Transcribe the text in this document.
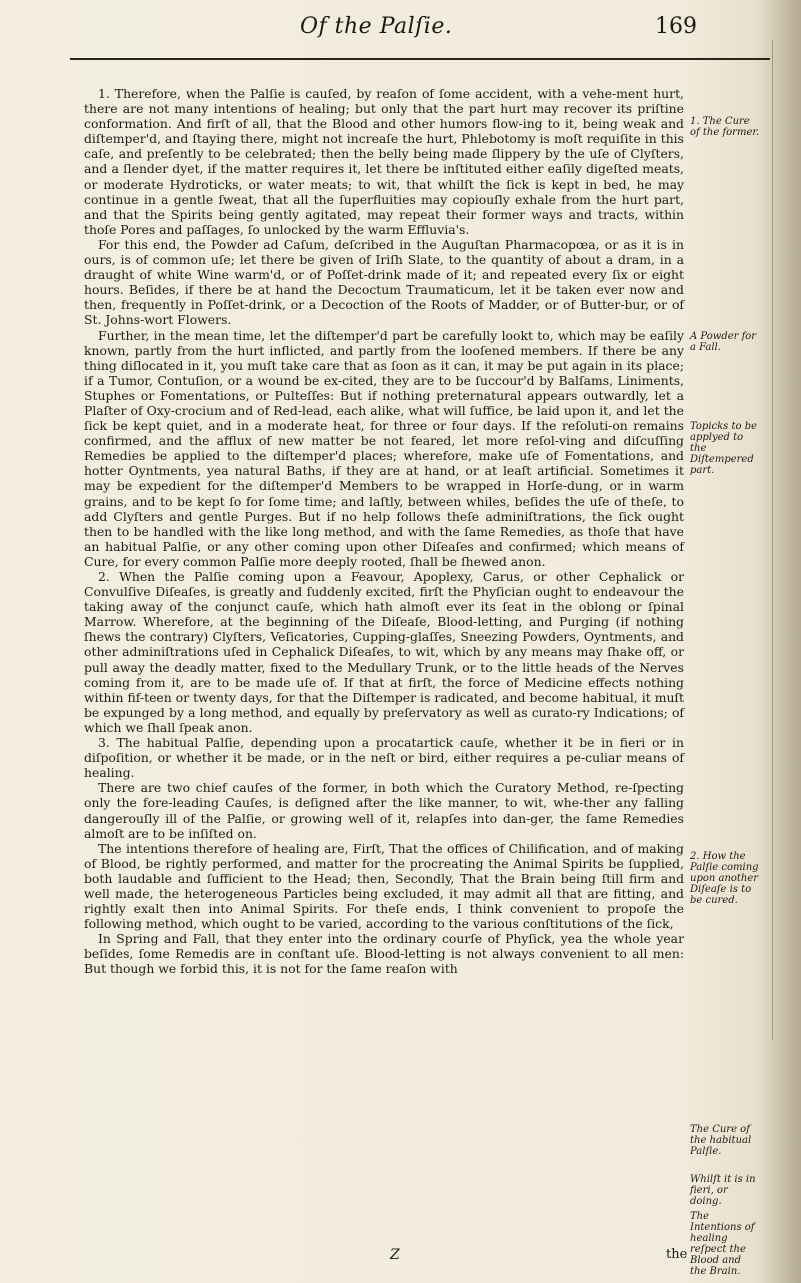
Of the Palſie.	169

1. Therefore, when the Palſie is cauſed, by reaſon of ſome accident, with a vehe-ment hurt, there are not many intentions of healing; but only that the part hurt may recover its priſtine conformation. And firſt of all, that the Blood and other humors flow-ing to it, being weak and diſtemper'd, and ſtaying there, might not increaſe the hurt, Phlebotomy is moſt requiſite in this caſe, and preſently to be celebrated; then the belly being made ſlippery by the uſe of Clyſters, and a ſlender dyet, if the matter requires it, let there be inſtituted either eaſily digeſted meats, or moderate Hydroticks, or water meats; to wit, that whilſt the ſick is kept in bed, he may continue in a gentle ſweat, that all the ſuperfluities may copiouſly exhale from the hurt part, and that the Spirits being gently agitated, may repeat their former ways and tracts, within thoſe Pores and paſſages, ſo unlocked by the warm Effluvia's.

For this end, the Powder ad Caſum, deſcribed in the Auguſtan Pharmacopœa, or as it is in ours, is of common uſe; let there be given of Iriſh Slate, to the quantity of about a dram, in a draught of white Wine warm'd, or of Poſſet-drink made of it; and repeated every ſix or eight hours. Beſides, if there be at hand the Decoctum Traumaticum, let it be taken ever now and then, frequently in Poſſet-drink, or a Decoction of the Roots of Madder, or of Butter-bur, or of St. Johns-wort Flowers.

Further, in the mean time, let the diſtemper'd part be carefully lookt to, which may be eaſily known, partly from the hurt inflicted, and partly from the looſened members. If there be any thing diſlocated in it, you muſt take care that as ſoon as it can, it may be put again in its place; if a Tumor, Contuſion, or a wound be ex-cited, they are to be ſuccour'd by Balſams, Liniments, Stuphes or Fomentations, or Pulteſſes: But if nothing preternatural appears outwardly, let a Plaſter of Oxy-crocium and of Red-lead, each alike, what will ſuffice, be laid upon it, and let the ſick be kept quiet, and in a moderate heat, for three or four days. If the reſoluti-on remains confirmed, and the afflux of new matter be not feared, let more reſol-ving and diſcuſſing Remedies be applied to the diſtemper'd places; wherefore, make uſe of Fomentations, and hotter Oyntments, yea natural Baths, if they are at hand, or at leaſt artificial. Sometimes it may be expedient for the diſtemper'd Members to be wrapped in Horſe-dung, or in warm grains, and to be kept ſo for ſome time; and laſtly, between whiles, beſides the uſe of theſe, to add Clyſters and gentle Purges. But if no help follows theſe adminiſtrations, the ſick ought then to be handled with the like long method, and with the ſame Remedies, as thoſe that have an habitual Palſie, or any other coming upon other Diſeaſes and confirmed; which means of Cure, for every common Palſie more deeply rooted, ſhall be ſhewed anon.

2. When the Palſie coming upon a Feavour, Apoplexy, Carus, or other Cephalick or Convulſive Diſeaſes, is greatly and ſuddenly excited, firſt the Phyſician ought to endeavour the taking away of the conjunct cauſe, which hath almoſt ever its ſeat in the oblong or ſpinal Marrow. Wherefore, at the beginning of the Diſeaſe, Blood-letting, and Purging (if nothing ſhews the contrary) Clyſters, Veſicatories, Cupping-glaſſes, Sneezing Powders, Oyntments, and other adminiſtrations uſed in Cephalick Diſeaſes, to wit, which by any means may ſhake off, or pull away the deadly matter, fixed to the Medullary Trunk, or to the little heads of the Nerves coming from it, are to be made uſe of. If that at firſt, the force of Medicine effects nothing within fif-teen or twenty days, for that the Diſtemper is radicated, and become habitual, it muſt be expunged by a long method, and equally by preſervatory as well as curato-ry Indications; of which we ſhall ſpeak anon.

3. The habitual Palſie, depending upon a procatartick cauſe, whether it be in fieri or in diſpoſition, or whether it be made, or in the neſt or bird, either requires a pe-culiar means of healing.

There are two chief cauſes of the former, in both which the Curatory Method, re-ſpecting only the fore-leading Cauſes, is deſigned after the like manner, to wit, whe-ther any falling dangerouſly ill of the Palſie, or growing well of it, relapſes into dan-ger, the ſame Remedies almoſt are to be inſiſted on.

The intentions therefore of healing are, Firſt, That the offices of Chilification, and of making of Blood, be rightly performed, and matter for the procreating the Animal Spirits be ſupplied, both laudable and ſufficient to the Head; then, Secondly, That the Brain being ſtill firm and well made, the heterogeneous Particles being excluded, it may admit all that are fitting, and rightly exalt then into Animal Spirits. For theſe ends, I think convenient to propoſe the following method, which ought to be varied, according to the various conſtitutions of the ſick,

In Spring and Fall, that they enter into the ordinary courſe of Phyſick, yea the whole year beſides, ſome Remedis are in conſtant uſe. Blood-letting is not always convenient to all men: But though we forbid this, it is not for the ſame reaſon with

1. The Cure of the former.
A Powder for a Fall.
Topicks to be applyed to the Diſtempered part.
2. How the Palſie coming upon another Diſeaſe is to be cured.
The Cure of the habitual Palſie.
Whilſt it is in fieri, or doing.
The Intentions of healing reſpect the Blood and the Brain.
Z	the
